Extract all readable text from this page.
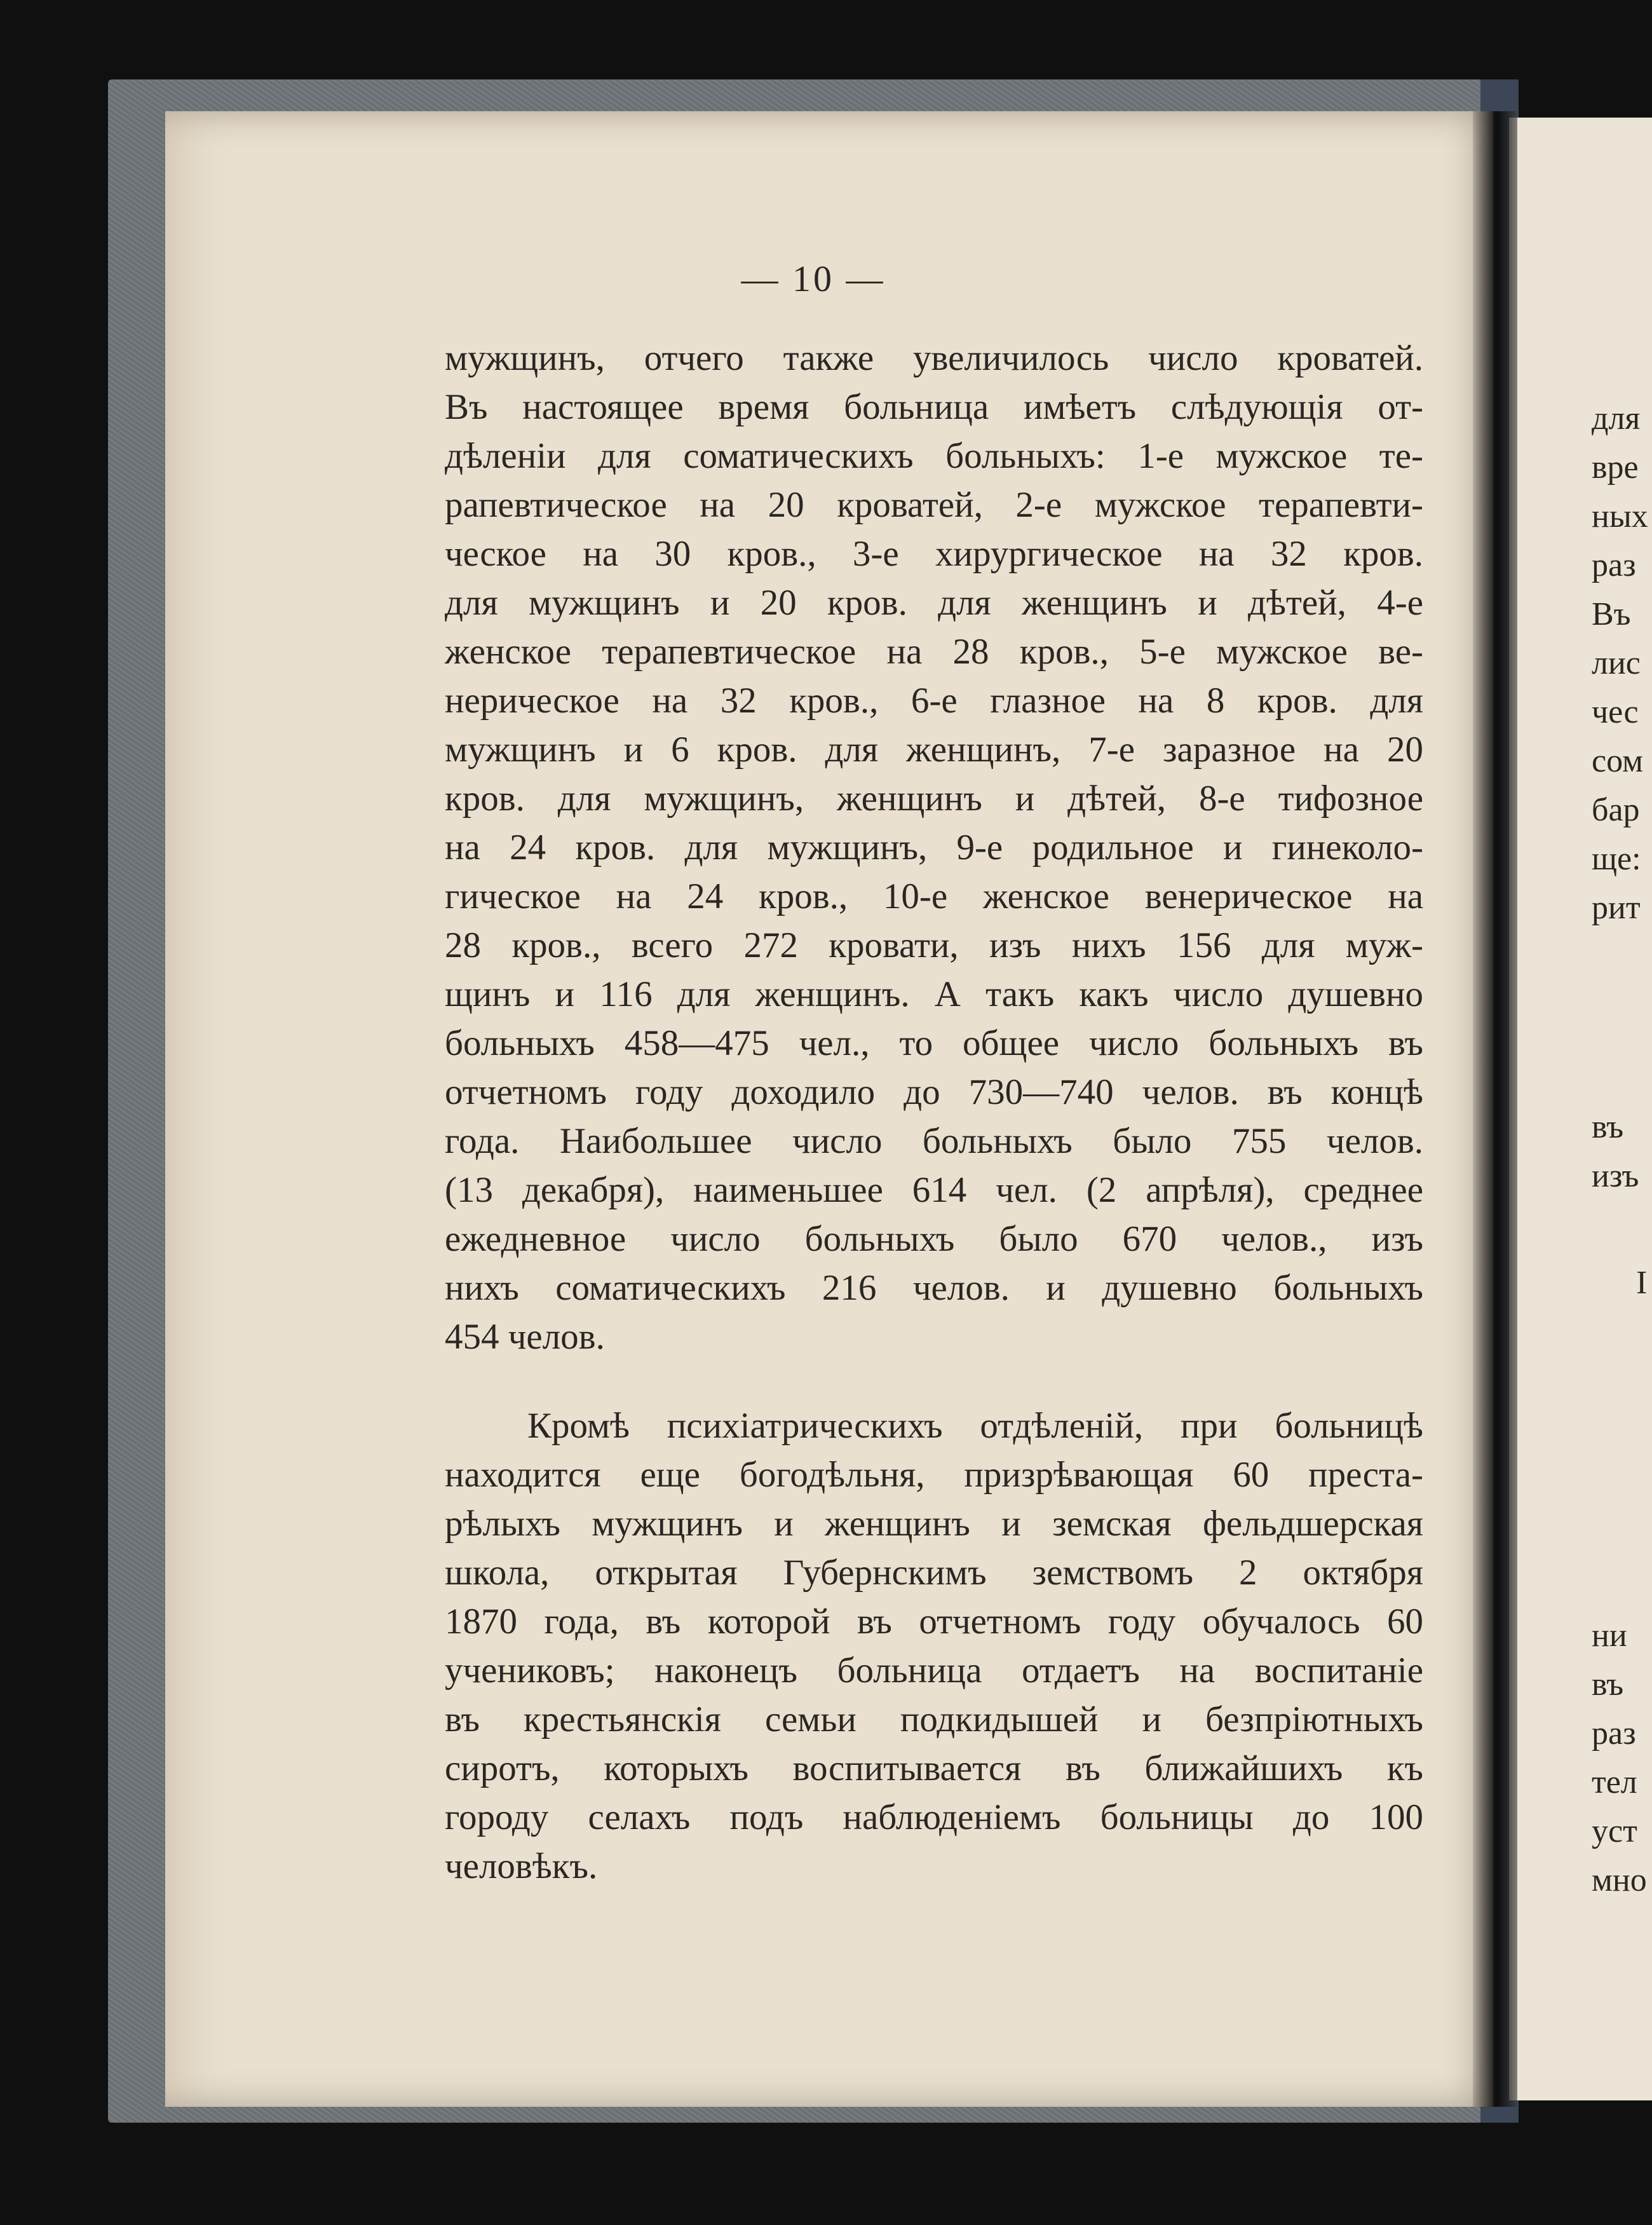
— 10 —
мужщинъ, отчего также увеличилось число кроватей.
Въ настоящее время больница имѣетъ слѣдующія от-
дѣленіи для соматическихъ больныхъ: 1-е мужское те-
рапевтическое на 20 кроватей, 2-е мужское терапевти-
ческое на 30 кров., 3-е хирургическое на 32 кров.
для мужщинъ и 20 кров. для женщинъ и дѣтей, 4-е
женское терапевтическое на 28 кров., 5-е мужское ве-
нерическое на 32 кров., 6-е глазное на 8 кров. для
мужщинъ и 6 кров. для женщинъ, 7-е заразное на 20
кров. для мужщинъ, женщинъ и дѣтей, 8-е тифозное
на 24 кров. для мужщинъ, 9-е родильное и гинеколо-
гическое на 24 кров., 10-е женское венерическое на
28 кров., всего 272 кровати, изъ нихъ 156 для муж-
щинъ и 116 для женщинъ. А такъ какъ число душевно
больныхъ 458—475 чел., то общее число больныхъ въ
отчетномъ году доходило до 730—740 челов. въ концѣ
года. Наибольшее число больныхъ было 755 челов.
(13 декабря), наименьшее 614 чел. (2 апрѣля), среднее
ежедневное число больныхъ было 670 челов., изъ
нихъ соматическихъ 216 челов. и душевно больныхъ
454 челов.
Кромѣ психіатрическихъ отдѣленій, при больницѣ
находится еще богодѣльня, призрѣвающая 60 преста-
рѣлыхъ мужщинъ и женщинъ и земская фельдшерская
школа, открытая Губернскимъ земствомъ 2 октября
1870 года, въ которой въ отчетномъ году обучалось 60
учениковъ; наконецъ больница отдаетъ на воспитаніе
въ крестьянскія семьи подкидышей и безпріютныхъ
сиротъ, которыхъ воспитывается въ ближайшихъ къ
городу селахъ подъ наблюденіемъ больницы до 100
человѣкъ.
для
вре
ных
раз
Въ
лис
чес
сом
бар
ще:
рит
въ
изъ
I
ни
въ
раз
тел
уст
мно
